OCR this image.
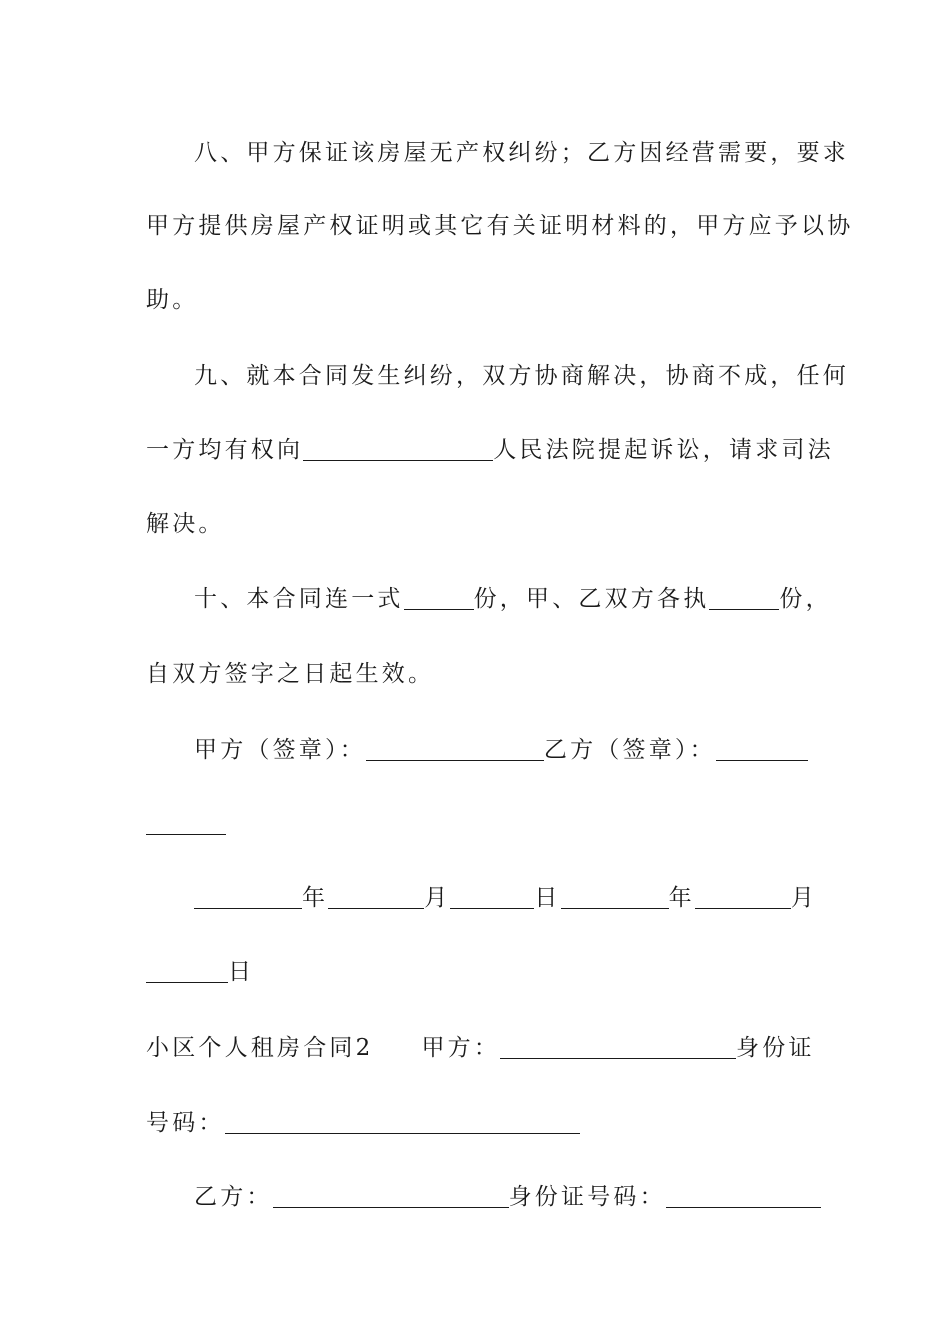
八、甲方保证该房屋无产权纠纷；乙方因经营需要，要求
甲方提供房屋产权证明或其它有关证明材料的，甲方应予以协
助。
九、就本合同发生纠纷，双方协商解决，协商不成，任何
一方均有权向	人民法院提起诉讼，请求司法
解决。
十、本合同连一式	份，甲、乙双方各执	份，
自双方签字之日起生效。
甲方（签章）：	乙方（签章）：
年	月	日	年	月
日
小区个人租房合同2 甲方：	身份证
号码：
乙方：	身份证号码：
